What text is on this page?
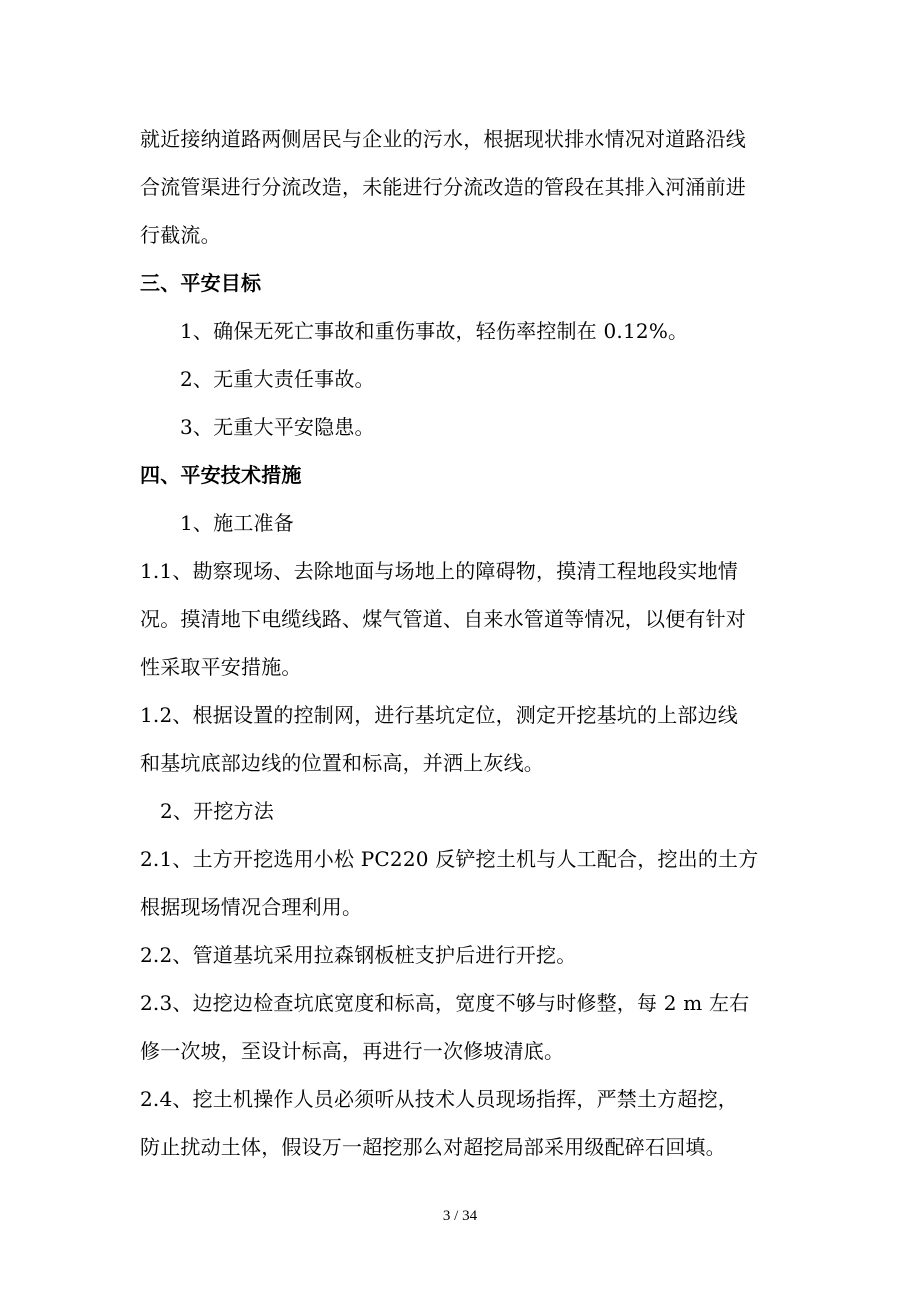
就近接纳道路两侧居民与企业的污水，根据现状排水情况对道路沿线
合流管渠进行分流改造，未能进行分流改造的管段在其排入河涌前进
行截流。
三、平安目标
1、确保无死亡事故和重伤事故，轻伤率控制在 0.12%。
2、无重大责任事故。
3、无重大平安隐患。
四、平安技术措施
1、施工准备
1.1、勘察现场、去除地面与场地上的障碍物，摸清工程地段实地情
况。摸清地下电缆线路、煤气管道、自来水管道等情况，以便有针对
性采取平安措施。
1.2、根据设置的控制网，进行基坑定位，测定开挖基坑的上部边线
和基坑底部边线的位置和标高，并洒上灰线。
2、开挖方法
2.1、土方开挖选用小松 PC220 反铲挖土机与人工配合，挖出的土方
根据现场情况合理利用。
2.2、管道基坑采用拉森钢板桩支护后进行开挖。
2.3、边挖边检查坑底宽度和标高，宽度不够与时修整，每 2 m 左右
修一次坡，至设计标高，再进行一次修坡清底。
2.4、挖土机操作人员必须听从技术人员现场指挥，严禁土方超挖，
防止扰动土体，假设万一超挖那么对超挖局部采用级配碎石回填。
3 / 34
